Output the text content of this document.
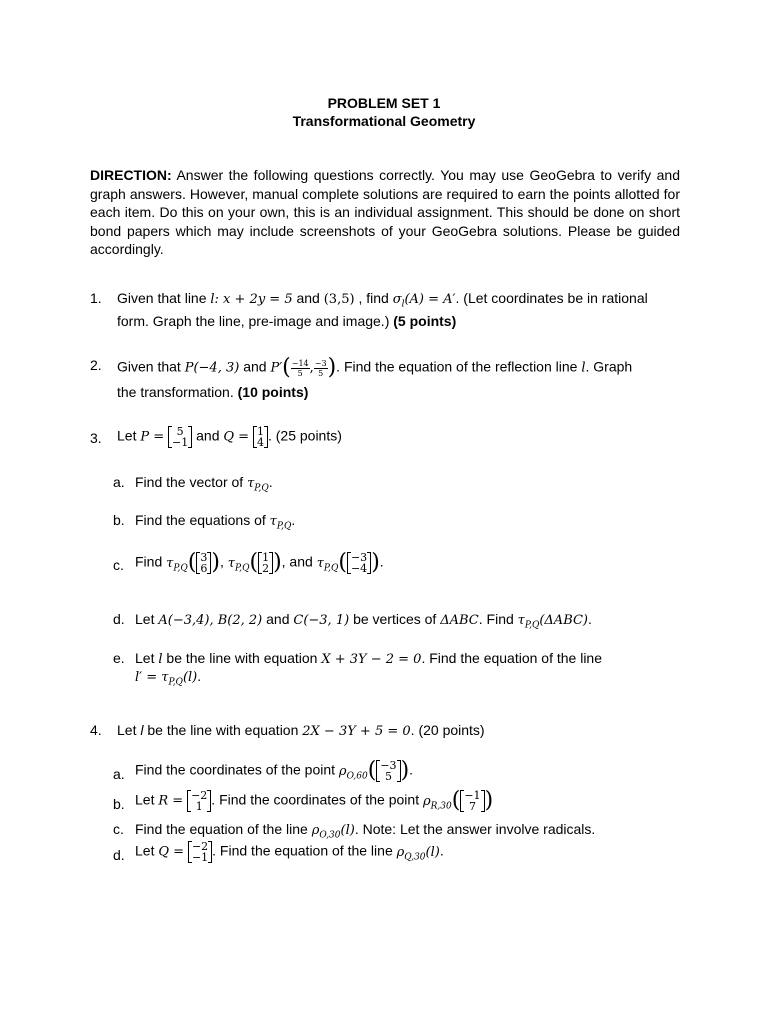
PROBLEM SET 1
Transformational Geometry
DIRECTION: Answer the following questions correctly. You may use GeoGebra to verify and graph answers. However, manual complete solutions are required to earn the points allotted for each item. Do this on your own, this is an individual assignment. This should be done on short bond papers which may include screenshots of your GeoGebra solutions. Please be guided accordingly.
1. Given that line l: x + 2y = 5 and (3,5) , find $\sigma_l(A) = A'$. (Let coordinates be in rational
form. Graph the line, pre-image and image.) (5 points)
2. Given that P(−4, 3) and $P'( \frac{-14}{5}$ , $\frac{-3}{5}$ ). Find the equation of the reflection line l. Graph
the transformation. (10 points)
3. Let P =	5
−1 and Q = 1
4 . (25 points)
a. Find the vector of $\tau_{P,Q}$.
b. Find the equations of $\tau_{P,Q}$.
c. Find $\tau_{P,Q}$( 3
6 ), $\tau_{P,Q}$( 1
2 ), and $\tau_{P,Q}( -3$
−4 ).
d. Let A(−3,4), B(2, 2) and C(−3, 1) be vertices of ΔABC. Find $\tau_{P,Q}(\Delta ABC)$.
e. Let l be the line with equation X + 3Y − 2 = 0. Find the equation of the line
$l' = \tau_{P,Q}(l)$.
4. Let l be the line with equation 2X − 3Y + 5 = 0. (20 points)
a. Find the coordinates of the point $\rho_{O,60}( -3$
5 ).
b. Let R = −2
1 . Find the coordinates of the point $\rho_{R,30}( -1$
7 )
c. Find the equation of the line $\rho_{O,30}(l)$. Note: Let the answer involve radicals.
d. Let Q = −2
−1 . Find the equation of the line $\rho_{Q,30}(l)$.
